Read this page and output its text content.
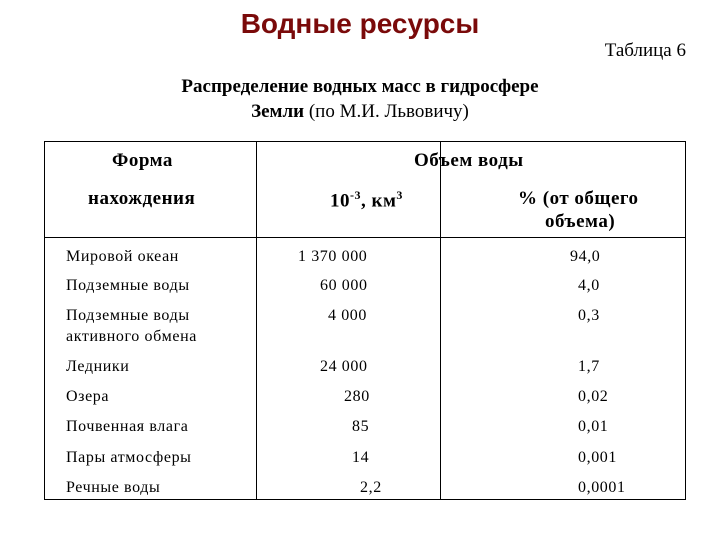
Водные ресурсы
Таблица 6
Распределение водных масс в гидросфере
Земли (по М.И. Львовичу)
Форма
нахождения
Объем воды
$10^{-3}$, $км^3$	% (от общего
объема)
Мировой океан	1 370 000	94,0
Подземные воды	60 000	4,0
Подземные воды
активного обмена
4 000	0,3
Ледники	24 000	1,7
Озера	280	0,02
Почвенная влага	85	0,01
Пары атмосферы	14	0,001
Речные воды	2,2	0,0001
